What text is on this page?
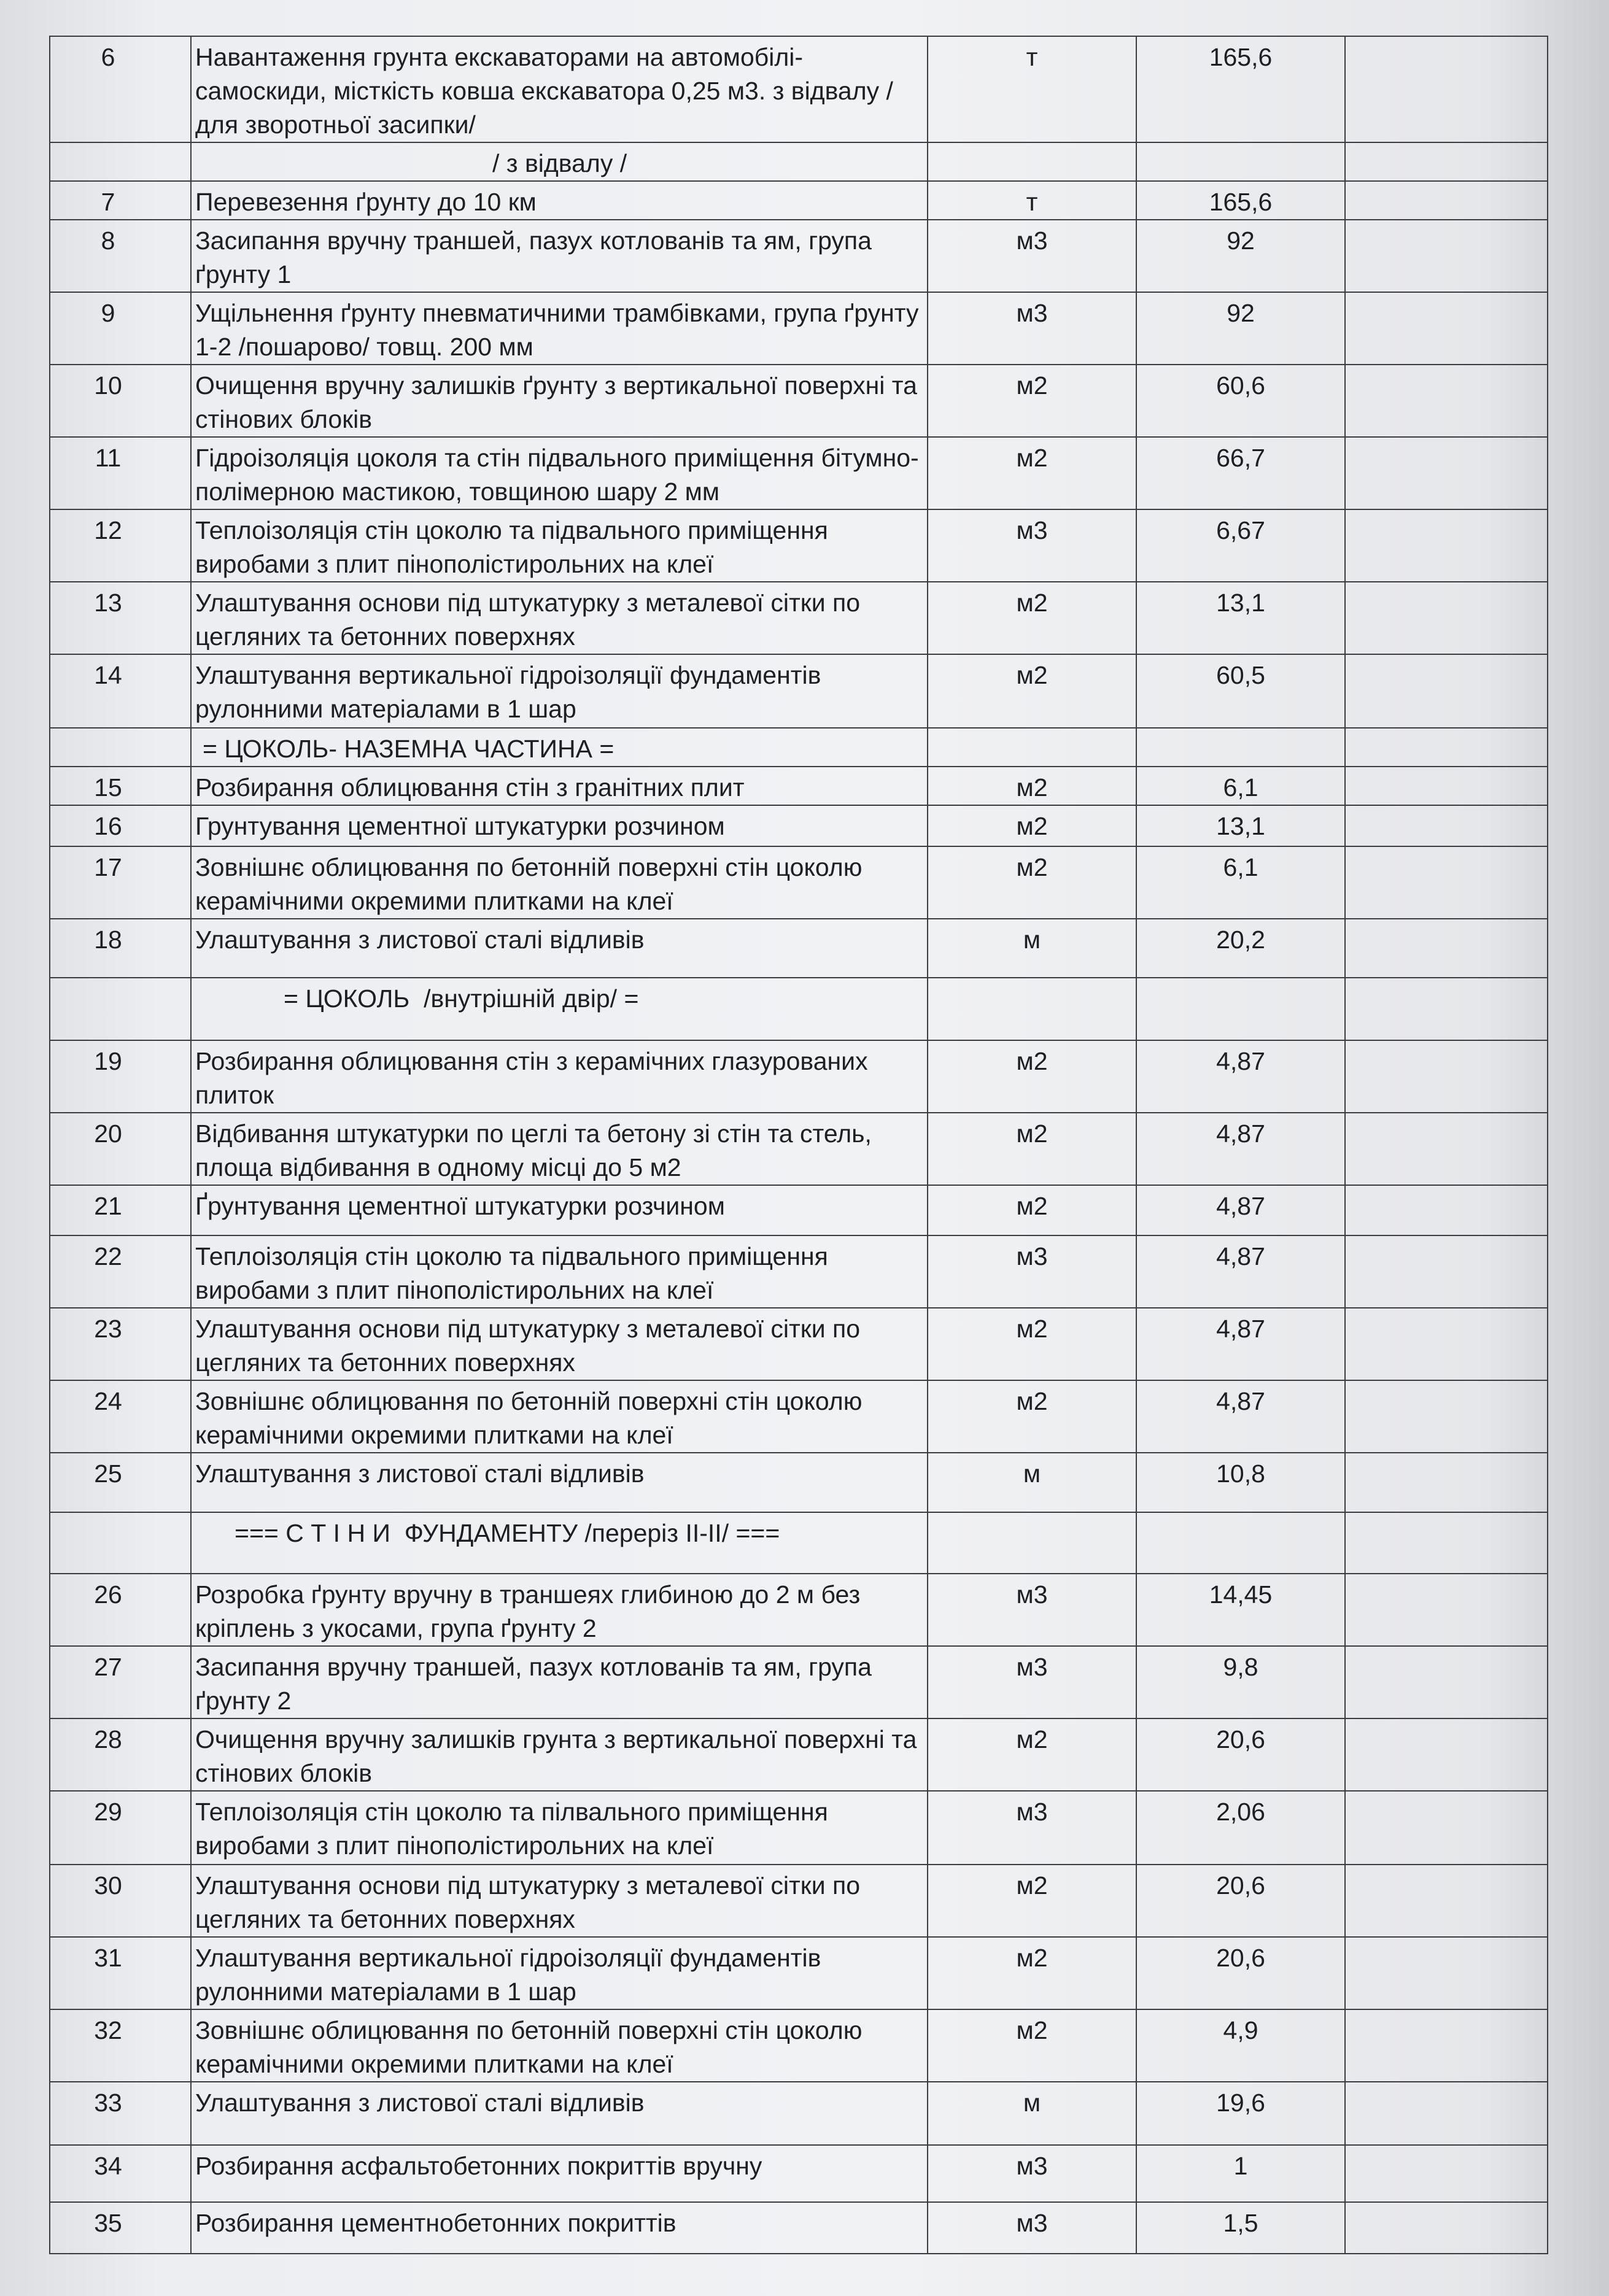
6	Навантаження грунта екскаваторами на автомобілі-самоскиди, місткість ковша екскаватора 0,25 м3. з відвалу / для зворотньої засипки/	т	165,6	

	/ з відвалу /			

7	Перевезення ґрунту до 10 км	т	165,6	
8	Засипання вручну траншей, пазух котлованів та ям, група ґрунту 1	м3	92	
9	Ущільнення ґрунту пневматичними трамбівками, група ґрунту 1-2 /пошарово/ товщ. 200 мм	м3	92	
10	Очищення вручну залишків ґрунту з вертикальної поверхні та стінових блоків	м2	60,6	
11	Гідроізоляція цоколя та стін підвального приміщення бітумно-полімерною мастикою, товщиною шару 2 мм	м2	66,7	
12	Теплоізоляція стін цоколю та підвального приміщення виробами з плит пінополістирольних на клеї	м3	6,67	
13	Улаштування основи під штукатурку з металевої сітки по цегляних та бетонних поверхнях	м2	13,1	
14	Улаштування вертикальної гідроізоляції фундаментів рулонними матеріалами в 1 шар	м2	60,5	

	= ЦОКОЛЬ- НАЗЕМНА ЧАСТИНА =			

15	Розбирання облицювання стін з гранітних плит	м2	6,1	
16	Грунтування цементної штукатурки розчином	м2	13,1	
17	Зовнішнє облицювання по бетонній поверхні стін цоколю керамічними окремими плитками на клеї	м2	6,1	
18	Улаштування з листової сталі відливів	м	20,2	

	= ЦОКОЛЬ  /внутрішній двір/ =			

19	Розбирання облицювання стін з керамічних глазурованих плиток	м2	4,87	
20	Відбивання штукатурки по цеглі та бетону зі стін та стель, площа відбивання в одному місці до 5 м2	м2	4,87	
21	Ґрунтування цементної штукатурки розчином	м2	4,87	
22	Теплоізоляція стін цоколю та підвального приміщення виробами з плит пінополістирольних на клеї	м3	4,87	
23	Улаштування основи під штукатурку з металевої сітки по цегляних та бетонних поверхнях	м2	4,87	
24	Зовнішнє облицювання по бетонній поверхні стін цоколю керамічними окремими плитками на клеї	м2	4,87	
25	Улаштування з листової сталі відливів	м	10,8	

	=== С Т І Н И  ФУНДАМЕНТУ /переріз II-II/ ===			

26	Розробка ґрунту вручну в траншеях глибиною до 2 м без кріплень з укосами, група ґрунту 2	м3	14,45	
27	Засипання вручну траншей, пазух котлованів та ям, група ґрунту 2	м3	9,8	
28	Очищення вручну залишків грунта з вертикальної поверхні та стінових блоків	м2	20,6	
29	Теплоізоляція стін цоколю та пілвального приміщення виробами з плит пінополістирольних на клеї	м3	2,06	
30	Улаштування основи під штукатурку з металевої сітки по цегляних та бетонних поверхнях	м2	20,6	
31	Улаштування вертикальної гідроізоляції фундаментів рулонними матеріалами в 1 шар	м2	20,6	
32	Зовнішнє облицювання по бетонній поверхні стін цоколю керамічними окремими плитками на клеї	м2	4,9	
33	Улаштування з листової сталі відливів	м	19,6	
34	Розбирання асфальтобетонних покриттів вручну	м3	1	
35	Розбирання цементнобетонних покриттів	м3	1,5	
